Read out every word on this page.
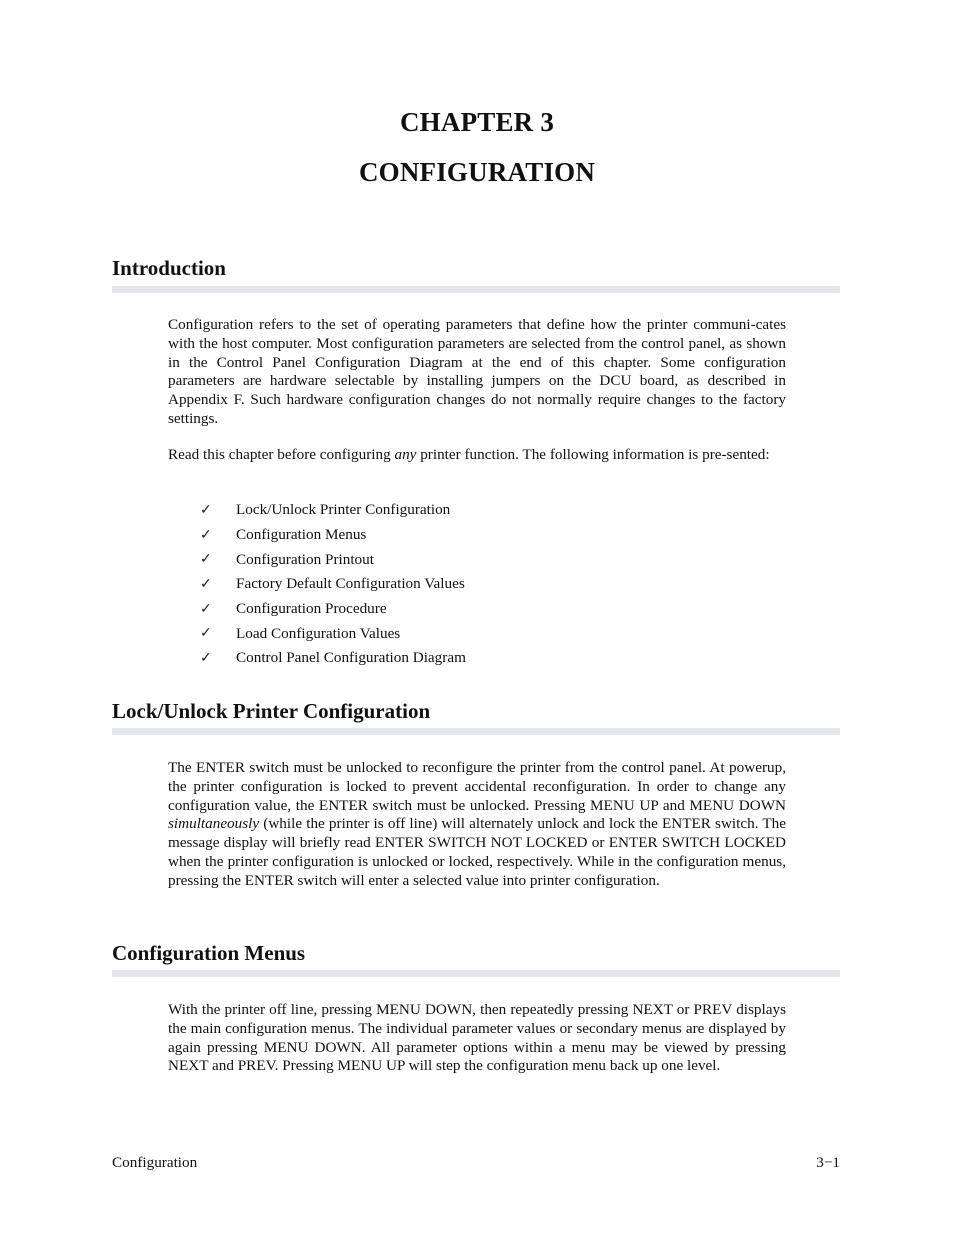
CHAPTER 3
CONFIGURATION
Introduction

Configuration refers to the set of operating parameters that define how the printer communi-cates with the host computer. Most configuration parameters are selected from the control panel, as shown in the Control Panel Configuration Diagram at the end of this chapter. Some configuration parameters are hardware selectable by installing jumpers on the DCU board, as described in Appendix F. Such hardware configuration changes do not normally require changes to the factory settings.

Read this chapter before configuring any printer function. The following information is pre-sented:

✓	Lock/Unlock Printer Configuration
✓	Configuration Menus
✓	Configuration Printout
✓	Factory Default Configuration Values
✓	Configuration Procedure
✓	Load Configuration Values
✓	Control Panel Configuration Diagram
Lock/Unlock Printer Configuration

The ENTER switch must be unlocked to reconfigure the printer from the control panel. At powerup, the printer configuration is locked to prevent accidental reconfiguration. In order to change any configuration value, the ENTER switch must be unlocked. Pressing MENU UP and MENU DOWN simultaneously (while the printer is off line) will alternately unlock and lock the ENTER switch. The message display will briefly read ENTER SWITCH NOT LOCKED or ENTER SWITCH LOCKED when the printer configuration is unlocked or locked, respectively. While in the configuration menus, pressing the ENTER switch will enter a selected value into printer configuration.

Configuration Menus

With the printer off line, pressing MENU DOWN, then repeatedly pressing NEXT or PREV displays the main configuration menus. The individual parameter values or secondary menus are displayed by again pressing MENU DOWN. All parameter options within a menu may be viewed by pressing NEXT and PREV. Pressing MENU UP will step the configuration menu back up one level.

Configuration	3−1
